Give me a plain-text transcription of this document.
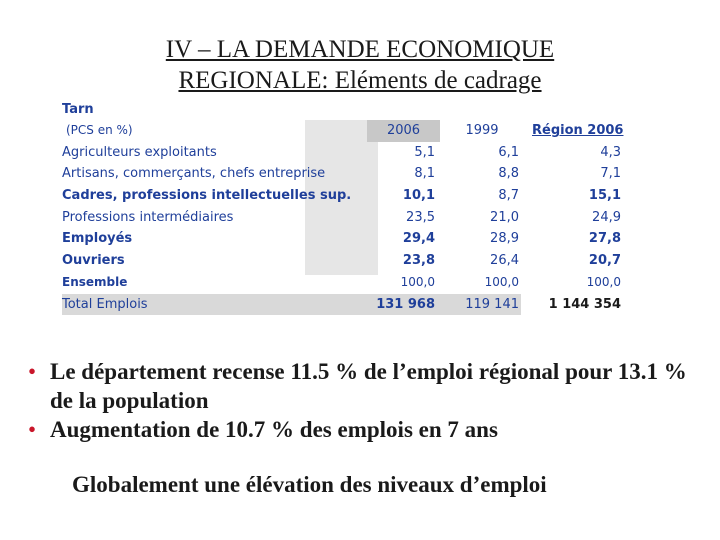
IV – LA DEMANDE ECONOMIQUE
REGIONALE: Eléments de cadrage
Tarn
(PCS en %)	2006	1999	Région 2006
Agriculteurs exploitants	5,1	6,1	4,3
Artisans, commerçants, chefs entreprise	8,1	8,8	7,1
Cadres, professions intellectuelles sup.	10,1	8,7	15,1
Professions intermédiaires	23,5	21,0	24,9
Employés	29,4	28,9	27,8
Ouvriers	23,8	26,4	20,7
Ensemble	100,0	100,0	100,0
Total Emplois	131 968	119 141	1 144 354
• Le département recense 11.5 % de l’emploi régional pour 13.1 % de la population
• Augmentation de 10.7 % des emplois en 7 ans
Globalement une élévation des niveaux d’emploi
